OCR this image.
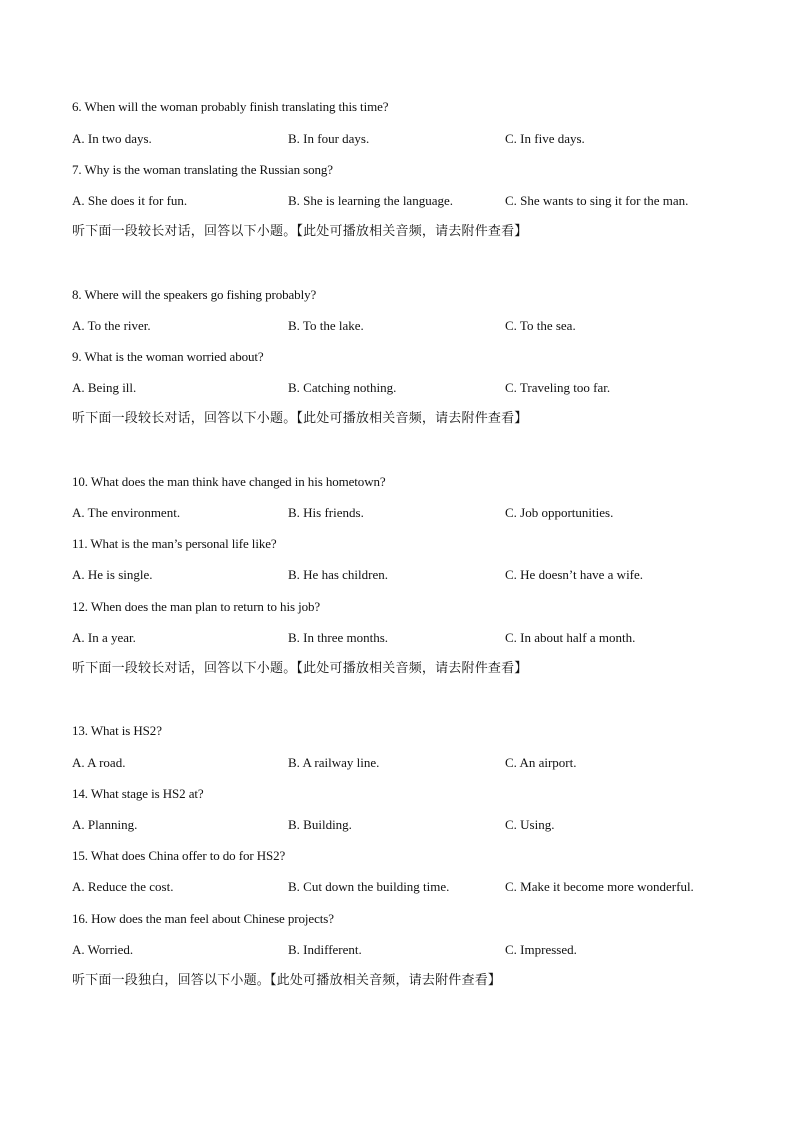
6. When will the woman probably finish translating this time?
A. In two days.	B. In four days.	C. In five days.
7. Why is the woman translating the Russian song?
A. She does it for fun.	B. She is learning the language.	C. She wants to sing it for the man.
听下面一段较长对话，回答以下小题。【此处可播放相关音频，请去附件查看】
8. Where will the speakers go fishing probably?
A. To the river.	B. To the lake.	C. To the sea.
9. What is the woman worried about?
A. Being ill.	B. Catching nothing.	C. Traveling too far.
听下面一段较长对话，回答以下小题。【此处可播放相关音频，请去附件查看】
10. What does the man think have changed in his hometown?
A. The environment.	B. His friends.	C. Job opportunities.
11. What is the man’s personal life like?
A. He is single.	B. He has children.	C. He doesn’t have a wife.
12. When does the man plan to return to his job?
A. In a year.	B. In three months.	C. In about half a month.
听下面一段较长对话，回答以下小题。【此处可播放相关音频，请去附件查看】
13. What is HS2?
A. A road.	B. A railway line.	C. An airport.
14. What stage is HS2 at?
A. Planning.	B. Building.	C. Using.
15. What does China offer to do for HS2?
A. Reduce the cost.	B. Cut down the building time.	C. Make it become more wonderful.
16. How does the man feel about Chinese projects?
A. Worried.	B. Indifferent.	C. Impressed.
听下面一段独白，回答以下小题。【此处可播放相关音频，请去附件查看】
